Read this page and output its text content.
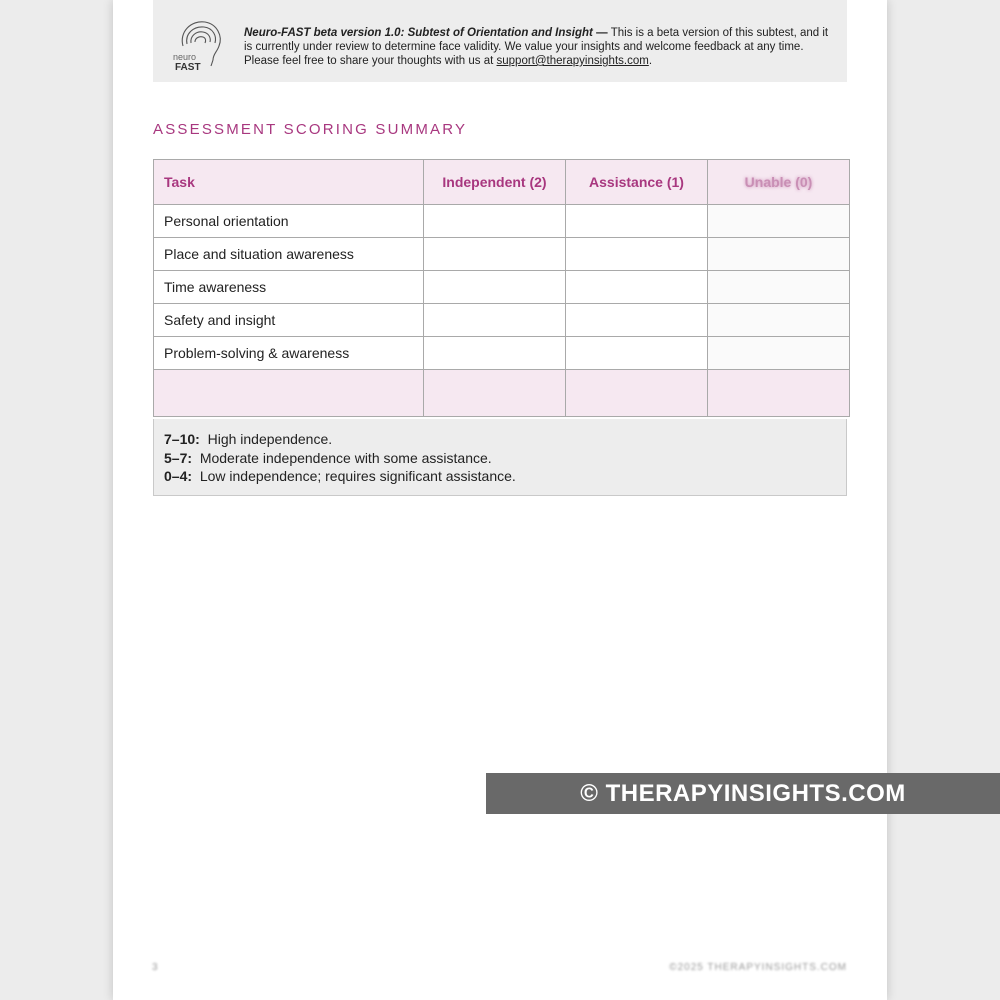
neuro
FAST
Neuro-FAST beta version 1.0: Subtest of Orientation and Insight — This is a beta version of this subtest, and it is currently under review to determine face validity. We value your insights and welcome feedback at any time. Please feel free to share your thoughts with us at support@therapyinsights.com.
ASSESSMENT SCORING SUMMARY
Task	Independent (2)	Assistance (1)	Unable (0)
Personal orientation			
Place and situation awareness			
Time awareness			
Safety and insight			
Problem-solving & awareness			

7–10: High independence.
5–7: Moderate independence with some assistance.
0–4: Low independence; requires significant assistance.
3	©2025 THERAPYINSIGHTS.COM
© THERAPYINSIGHTS.COM
